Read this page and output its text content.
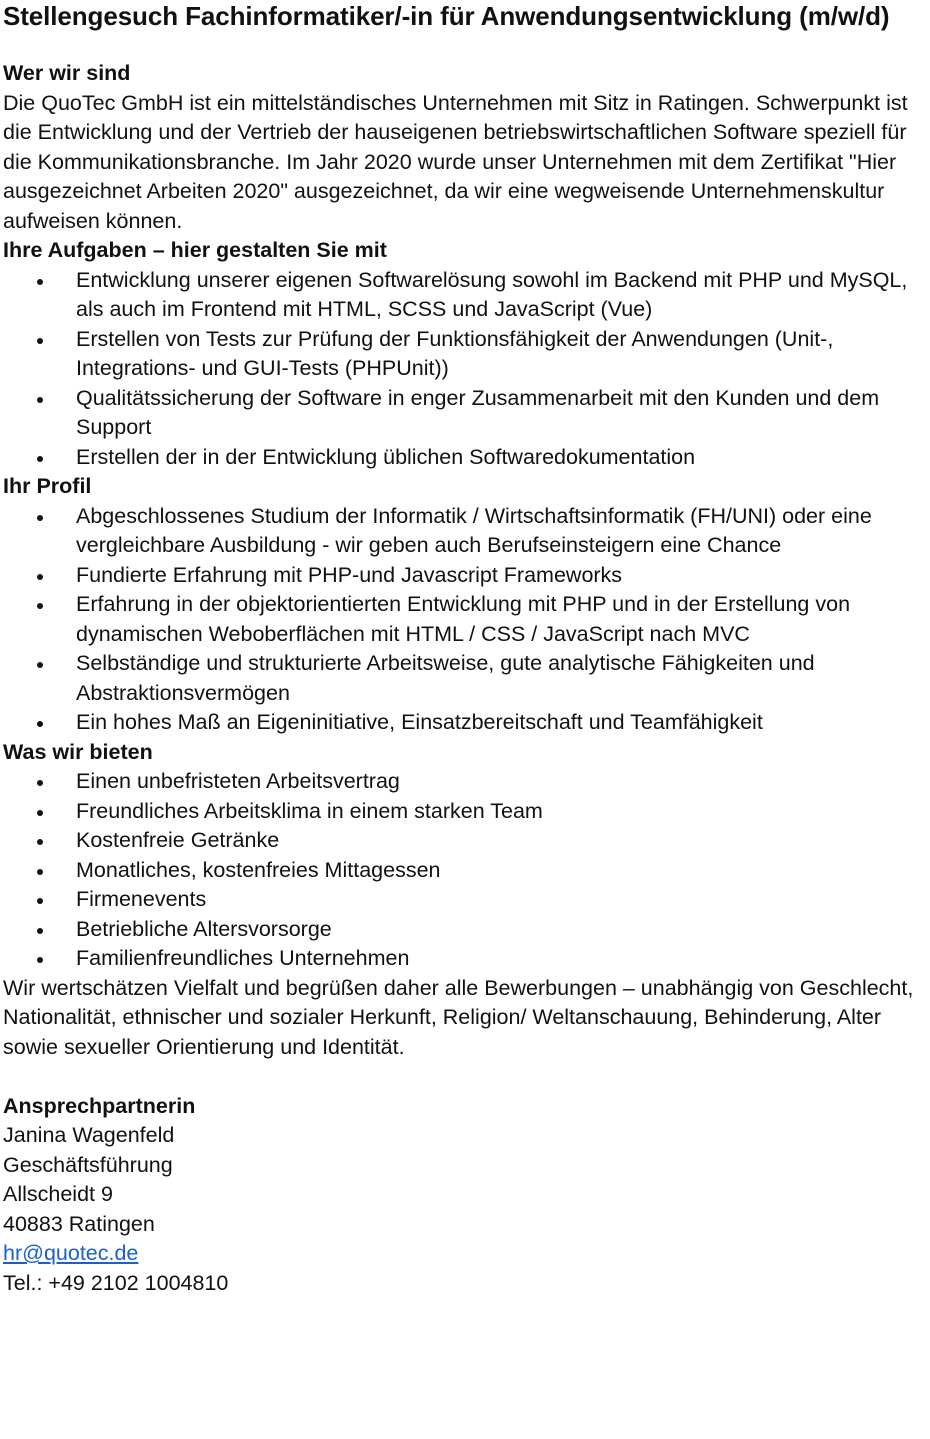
Stellengesuch Fachinformatiker/-in für Anwendungsentwicklung (m/w/d)

Wer wir sind

Die QuoTec GmbH ist ein mittelständisches Unternehmen mit Sitz in Ratingen. Schwerpunkt ist die Entwicklung und der Vertrieb der hauseigenen betriebswirtschaftlichen Software speziell für die Kommunikationsbranche. Im Jahr 2020 wurde unser Unternehmen mit dem Zertifikat "Hier ausgezeichnet Arbeiten 2020" ausgezeichnet, da wir eine wegweisende Unternehmenskultur aufweisen können.

Ihre Aufgaben – hier gestalten Sie mit

Entwicklung unserer eigenen Softwarelösung sowohl im Backend mit PHP und MySQL, als auch im Frontend mit HTML, SCSS und JavaScript (Vue)
Erstellen von Tests zur Prüfung der Funktionsfähigkeit der Anwendungen (Unit-, Integrations- und GUI-Tests (PHPUnit))
Qualitätssicherung der Software in enger Zusammenarbeit mit den Kunden und dem Support
Erstellen der in der Entwicklung üblichen Softwaredokumentation

Ihr Profil

Abgeschlossenes Studium der Informatik / Wirtschaftsinformatik (FH/UNI) oder eine vergleichbare Ausbildung - wir geben auch Berufseinsteigern eine Chance
Fundierte Erfahrung mit PHP-und Javascript Frameworks
Erfahrung in der objektorientierten Entwicklung mit PHP und in der Erstellung von dynamischen Weboberflächen mit HTML / CSS / JavaScript nach MVC
Selbständige und strukturierte Arbeitsweise, gute analytische Fähigkeiten und Abstraktionsvermögen
Ein hohes Maß an Eigeninitiative, Einsatzbereitschaft und Teamfähigkeit

Was wir bieten

Einen unbefristeten Arbeitsvertrag
Freundliches Arbeitsklima in einem starken Team
Kostenfreie Getränke
Monatliches, kostenfreies Mittagessen
Firmenevents
Betriebliche Altersvorsorge
Familienfreundliches Unternehmen

Wir wertschätzen Vielfalt und begrüßen daher alle Bewerbungen – unabhängig von Geschlecht, Nationalität, ethnischer und sozialer Herkunft, Religion/ Weltanschauung, Behinderung, Alter sowie sexueller Orientierung und Identität.

Ansprechpartnerin

Janina Wagenfeld

Geschäftsführung

Allscheidt 9

40883 Ratingen

hr@quotec.de

Tel.: +49 2102 1004810
